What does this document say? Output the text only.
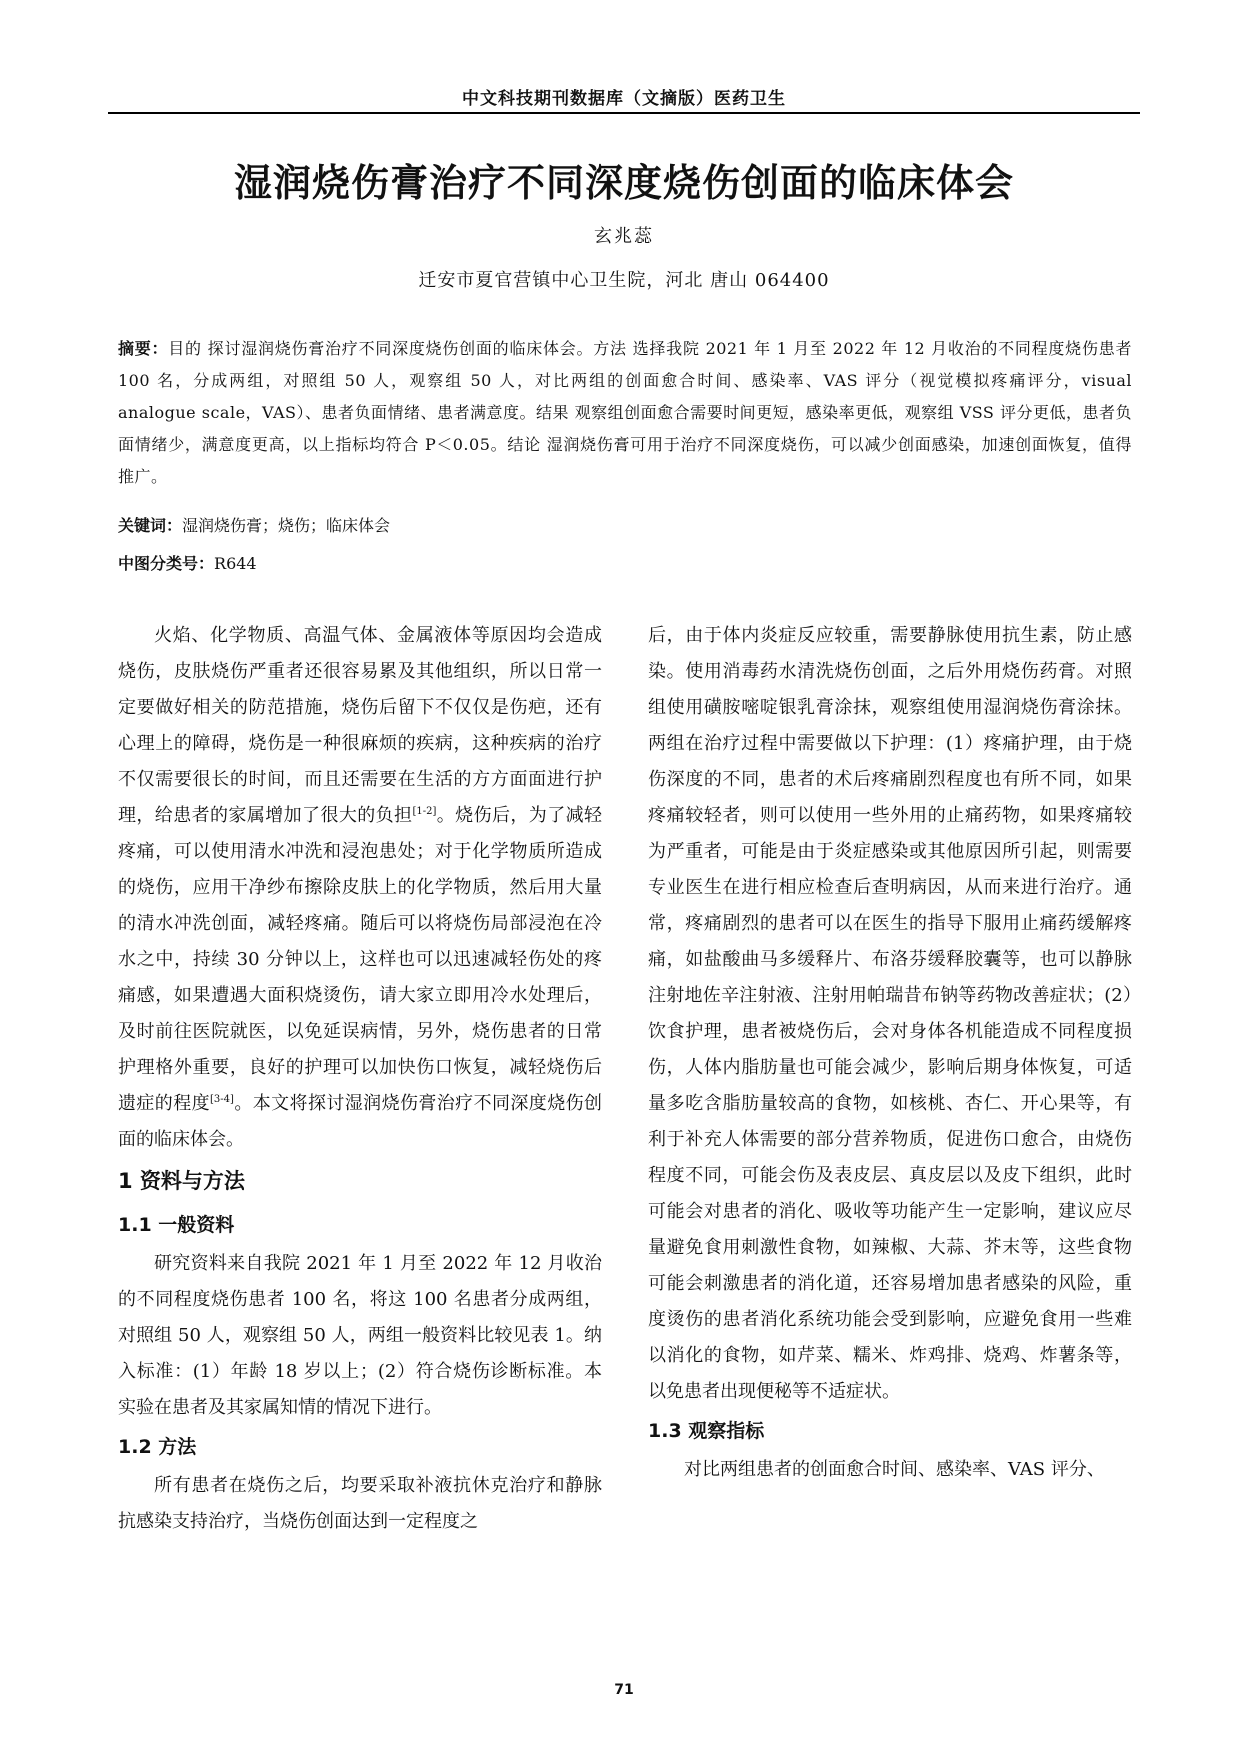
中文科技期刊数据库（文摘版）医药卫生
湿润烧伤膏治疗不同深度烧伤创面的临床体会
玄兆蕊
迁安市夏官营镇中心卫生院，河北 唐山 064400
摘要：目的 探讨湿润烧伤膏治疗不同深度烧伤创面的临床体会。方法 选择我院 2021 年 1 月至 2022 年 12 月收治的不同程度烧伤患者 100 名，分成两组，对照组 50 人，观察组 50 人，对比两组的创面愈合时间、感染率、VAS 评分（视觉模拟疼痛评分，visual analogue scale，VAS）、患者负面情绪、患者满意度。结果 观察组创面愈合需要时间更短，感染率更低，观察组 VSS 评分更低，患者负面情绪少，满意度更高，以上指标均符合 P＜0.05。结论 湿润烧伤膏可用于治疗不同深度烧伤，可以减少创面感染，加速创面恢复，值得推广。
关键词：湿润烧伤膏；烧伤；临床体会
中图分类号：R644

火焰、化学物质、高温气体、金属液体等原因均会造成烧伤，皮肤烧伤严重者还很容易累及其他组织，所以日常一定要做好相关的防范措施，烧伤后留下不仅仅是伤疤，还有心理上的障碍，烧伤是一种很麻烦的疾病，这种疾病的治疗不仅需要很长的时间，而且还需要在生活的方方面面进行护理，给患者的家属增加了很大的负担[1-2]。烧伤后，为了减轻疼痛，可以使用清水冲洗和浸泡患处；对于化学物质所造成的烧伤，应用干净纱布擦除皮肤上的化学物质，然后用大量的清水冲洗创面，减轻疼痛。随后可以将烧伤局部浸泡在冷水之中，持续 30 分钟以上，这样也可以迅速减轻伤处的疼痛感，如果遭遇大面积烧烫伤，请大家立即用冷水处理后，及时前往医院就医，以免延误病情，另外，烧伤患者的日常护理格外重要，良好的护理可以加快伤口恢复，减轻烧伤后遗症的程度[3-4]。本文将探讨湿润烧伤膏治疗不同深度烧伤创面的临床体会。

1 资料与方法
1.1 一般资料

研究资料来自我院 2021 年 1 月至 2022 年 12 月收治的不同程度烧伤患者 100 名，将这 100 名患者分成两组，对照组 50 人，观察组 50 人，两组一般资料比较见表 1。纳入标准：(1）年龄 18 岁以上；(2）符合烧伤诊断标准。本实验在患者及其家属知情的情况下进行。

1.2 方法

所有患者在烧伤之后，均要采取补液抗休克治疗和静脉抗感染支持治疗，当烧伤创面达到一定程度之

后，由于体内炎症反应较重，需要静脉使用抗生素，防止感染。使用消毒药水清洗烧伤创面，之后外用烧伤药膏。对照组使用磺胺嘧啶银乳膏涂抹，观察组使用湿润烧伤膏涂抹。两组在治疗过程中需要做以下护理：(1）疼痛护理，由于烧伤深度的不同，患者的术后疼痛剧烈程度也有所不同，如果疼痛较轻者，则可以使用一些外用的止痛药物，如果疼痛较为严重者，可能是由于炎症感染或其他原因所引起，则需要专业医生在进行相应检查后查明病因，从而来进行治疗。通常，疼痛剧烈的患者可以在医生的指导下服用止痛药缓解疼痛，如盐酸曲马多缓释片、布洛芬缓释胶囊等，也可以静脉注射地佐辛注射液、注射用帕瑞昔布钠等药物改善症状；(2）饮食护理，患者被烧伤后，会对身体各机能造成不同程度损伤，人体内脂肪量也可能会减少，影响后期身体恢复，可适量多吃含脂肪量较高的食物，如核桃、杏仁、开心果等，有利于补充人体需要的部分营养物质，促进伤口愈合，由烧伤程度不同，可能会伤及表皮层、真皮层以及皮下组织，此时可能会对患者的消化、吸收等功能产生一定影响，建议应尽量避免食用刺激性食物，如辣椒、大蒜、芥末等，这些食物可能会刺激患者的消化道，还容易增加患者感染的风险，重度烫伤的患者消化系统功能会受到影响，应避免食用一些难以消化的食物，如芹菜、糯米、炸鸡排、烧鸡、炸薯条等，以免患者出现便秘等不适症状。

1.3 观察指标

对比两组患者的创面愈合时间、感染率、VAS 评分、

71
